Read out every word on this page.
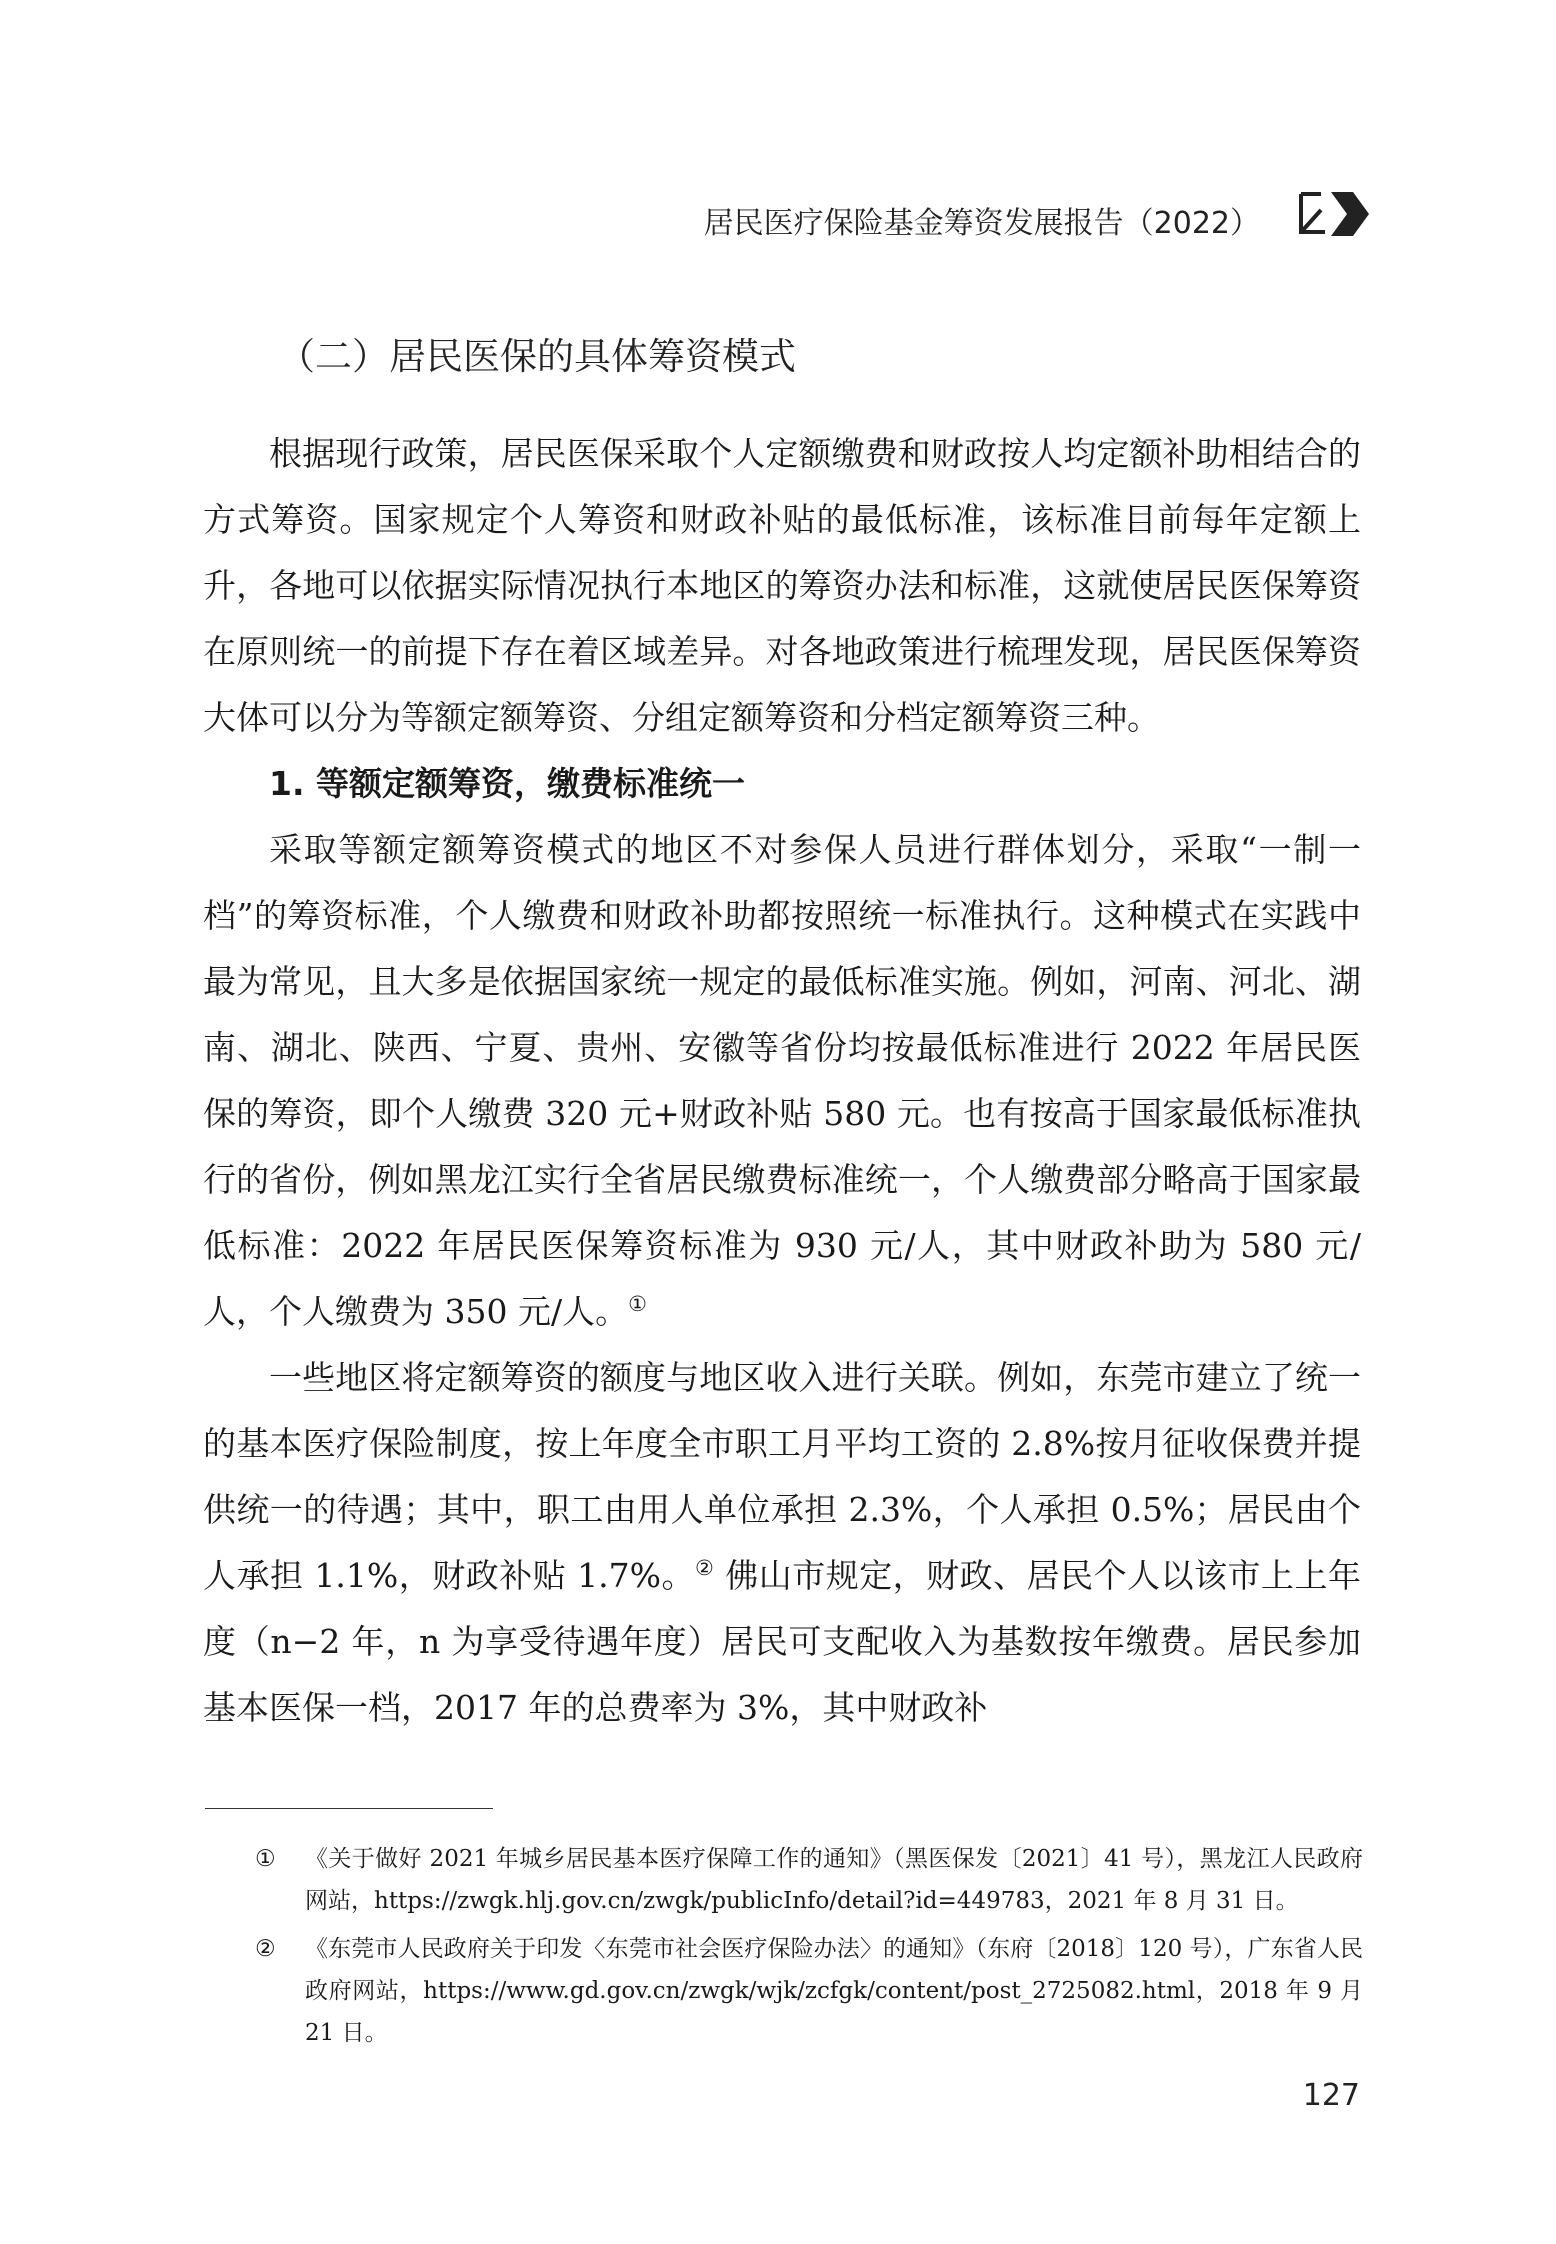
居民医疗保险基金筹资发展报告（2022）
（二）居民医保的具体筹资模式

根据现行政策，居民医保采取个人定额缴费和财政按人均定额补助相结合的方式筹资。国家规定个人筹资和财政补贴的最低标准，该标准目前每年定额上升，各地可以依据实际情况执行本地区的筹资办法和标准，这就使居民医保筹资在原则统一的前提下存在着区域差异。对各地政策进行梳理发现，居民医保筹资大体可以分为等额定额筹资、分组定额筹资和分档定额筹资三种。

1. 等额定额筹资，缴费标准统一

采取等额定额筹资模式的地区不对参保人员进行群体划分，采取“一制一档”的筹资标准，个人缴费和财政补助都按照统一标准执行。这种模式在实践中最为常见，且大多是依据国家统一规定的最低标准实施。例如，河南、河北、湖南、湖北、陕西、宁夏、贵州、安徽等省份均按最低标准进行 2022 年居民医保的筹资，即个人缴费 320 元+财政补贴 580 元。也有按高于国家最低标准执行的省份，例如黑龙江实行全省居民缴费标准统一，个人缴费部分略高于国家最低标准：2022 年居民医保筹资标准为 930 元/人，其中财政补助为 580 元/人，个人缴费为 350 元/人。①

一些地区将定额筹资的额度与地区收入进行关联。例如，东莞市建立了统一的基本医疗保险制度，按上年度全市职工月平均工资的 2.8%按月征收保费并提供统一的待遇；其中，职工由用人单位承担 2.3%，个人承担 0.5%；居民由个人承担 1.1%，财政补贴 1.7%。② 佛山市规定，财政、居民个人以该市上上年度（n−2 年，n 为享受待遇年度）居民可支配收入为基数按年缴费。居民参加基本医保一档，2017 年的总费率为 3%，其中财政补

①	《关于做好 2021 年城乡居民基本医疗保障工作的通知》（黑医保发〔2021〕41 号），黑龙江人民政府网站，https://zwgk.hlj.gov.cn/zwgk/publicInfo/detail?id=449783，2021 年 8 月 31 日。
②	《东莞市人民政府关于印发〈东莞市社会医疗保险办法〉的通知》（东府〔2018〕120 号），广东省人民政府网站，https://www.gd.gov.cn/zwgk/wjk/zcfgk/content/post_2725082.html，2018 年 9 月 21 日。
127
